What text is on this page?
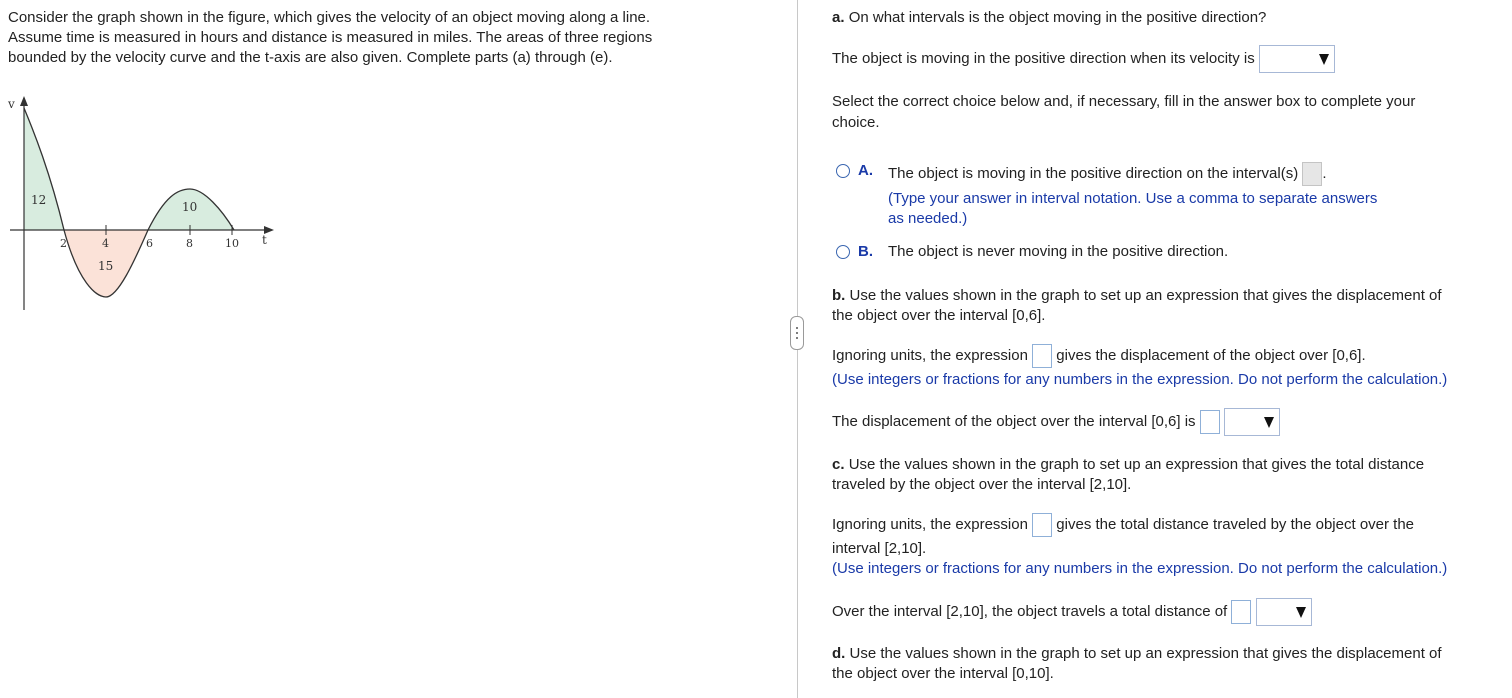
Consider the graph shown in the figure, which gives the velocity of an object moving along a line.

Assume time is measured in hours and distance is measured in miles. The areas of three regions

bounded by the velocity curve and the t-axis are also given. Complete parts (a) through (e).

v
t
2	4	6	8	10
12
15
10
a. On what intervals is the object moving in the positive direction?
The object is moving in the positive direction when its velocity is
Select the correct choice below and, if necessary, fill in the answer box to complete your
choice.
A. The object is moving in the positive direction on the interval(s) .
(Type your answer in interval notation. Use a comma to separate answers
as needed.)
B. The object is never moving in the positive direction.
b. Use the values shown in the graph to set up an expression that gives the displacement of
the object over the interval [0,6].
Ignoring units, the expression gives the displacement of the object over [0,6].
(Use integers or fractions for any numbers in the expression. Do not perform the calculation.)
The displacement of the object over the interval [0,6] is
c. Use the values shown in the graph to set up an expression that gives the total distance
traveled by the object over the interval [2,10].
Ignoring units, the expression gives the total distance traveled by the object over the
interval [2,10].
(Use integers or fractions for any numbers in the expression. Do not perform the calculation.)
Over the interval [2,10], the object travels a total distance of
d. Use the values shown in the graph to set up an expression that gives the displacement of
the object over the interval [0,10].
